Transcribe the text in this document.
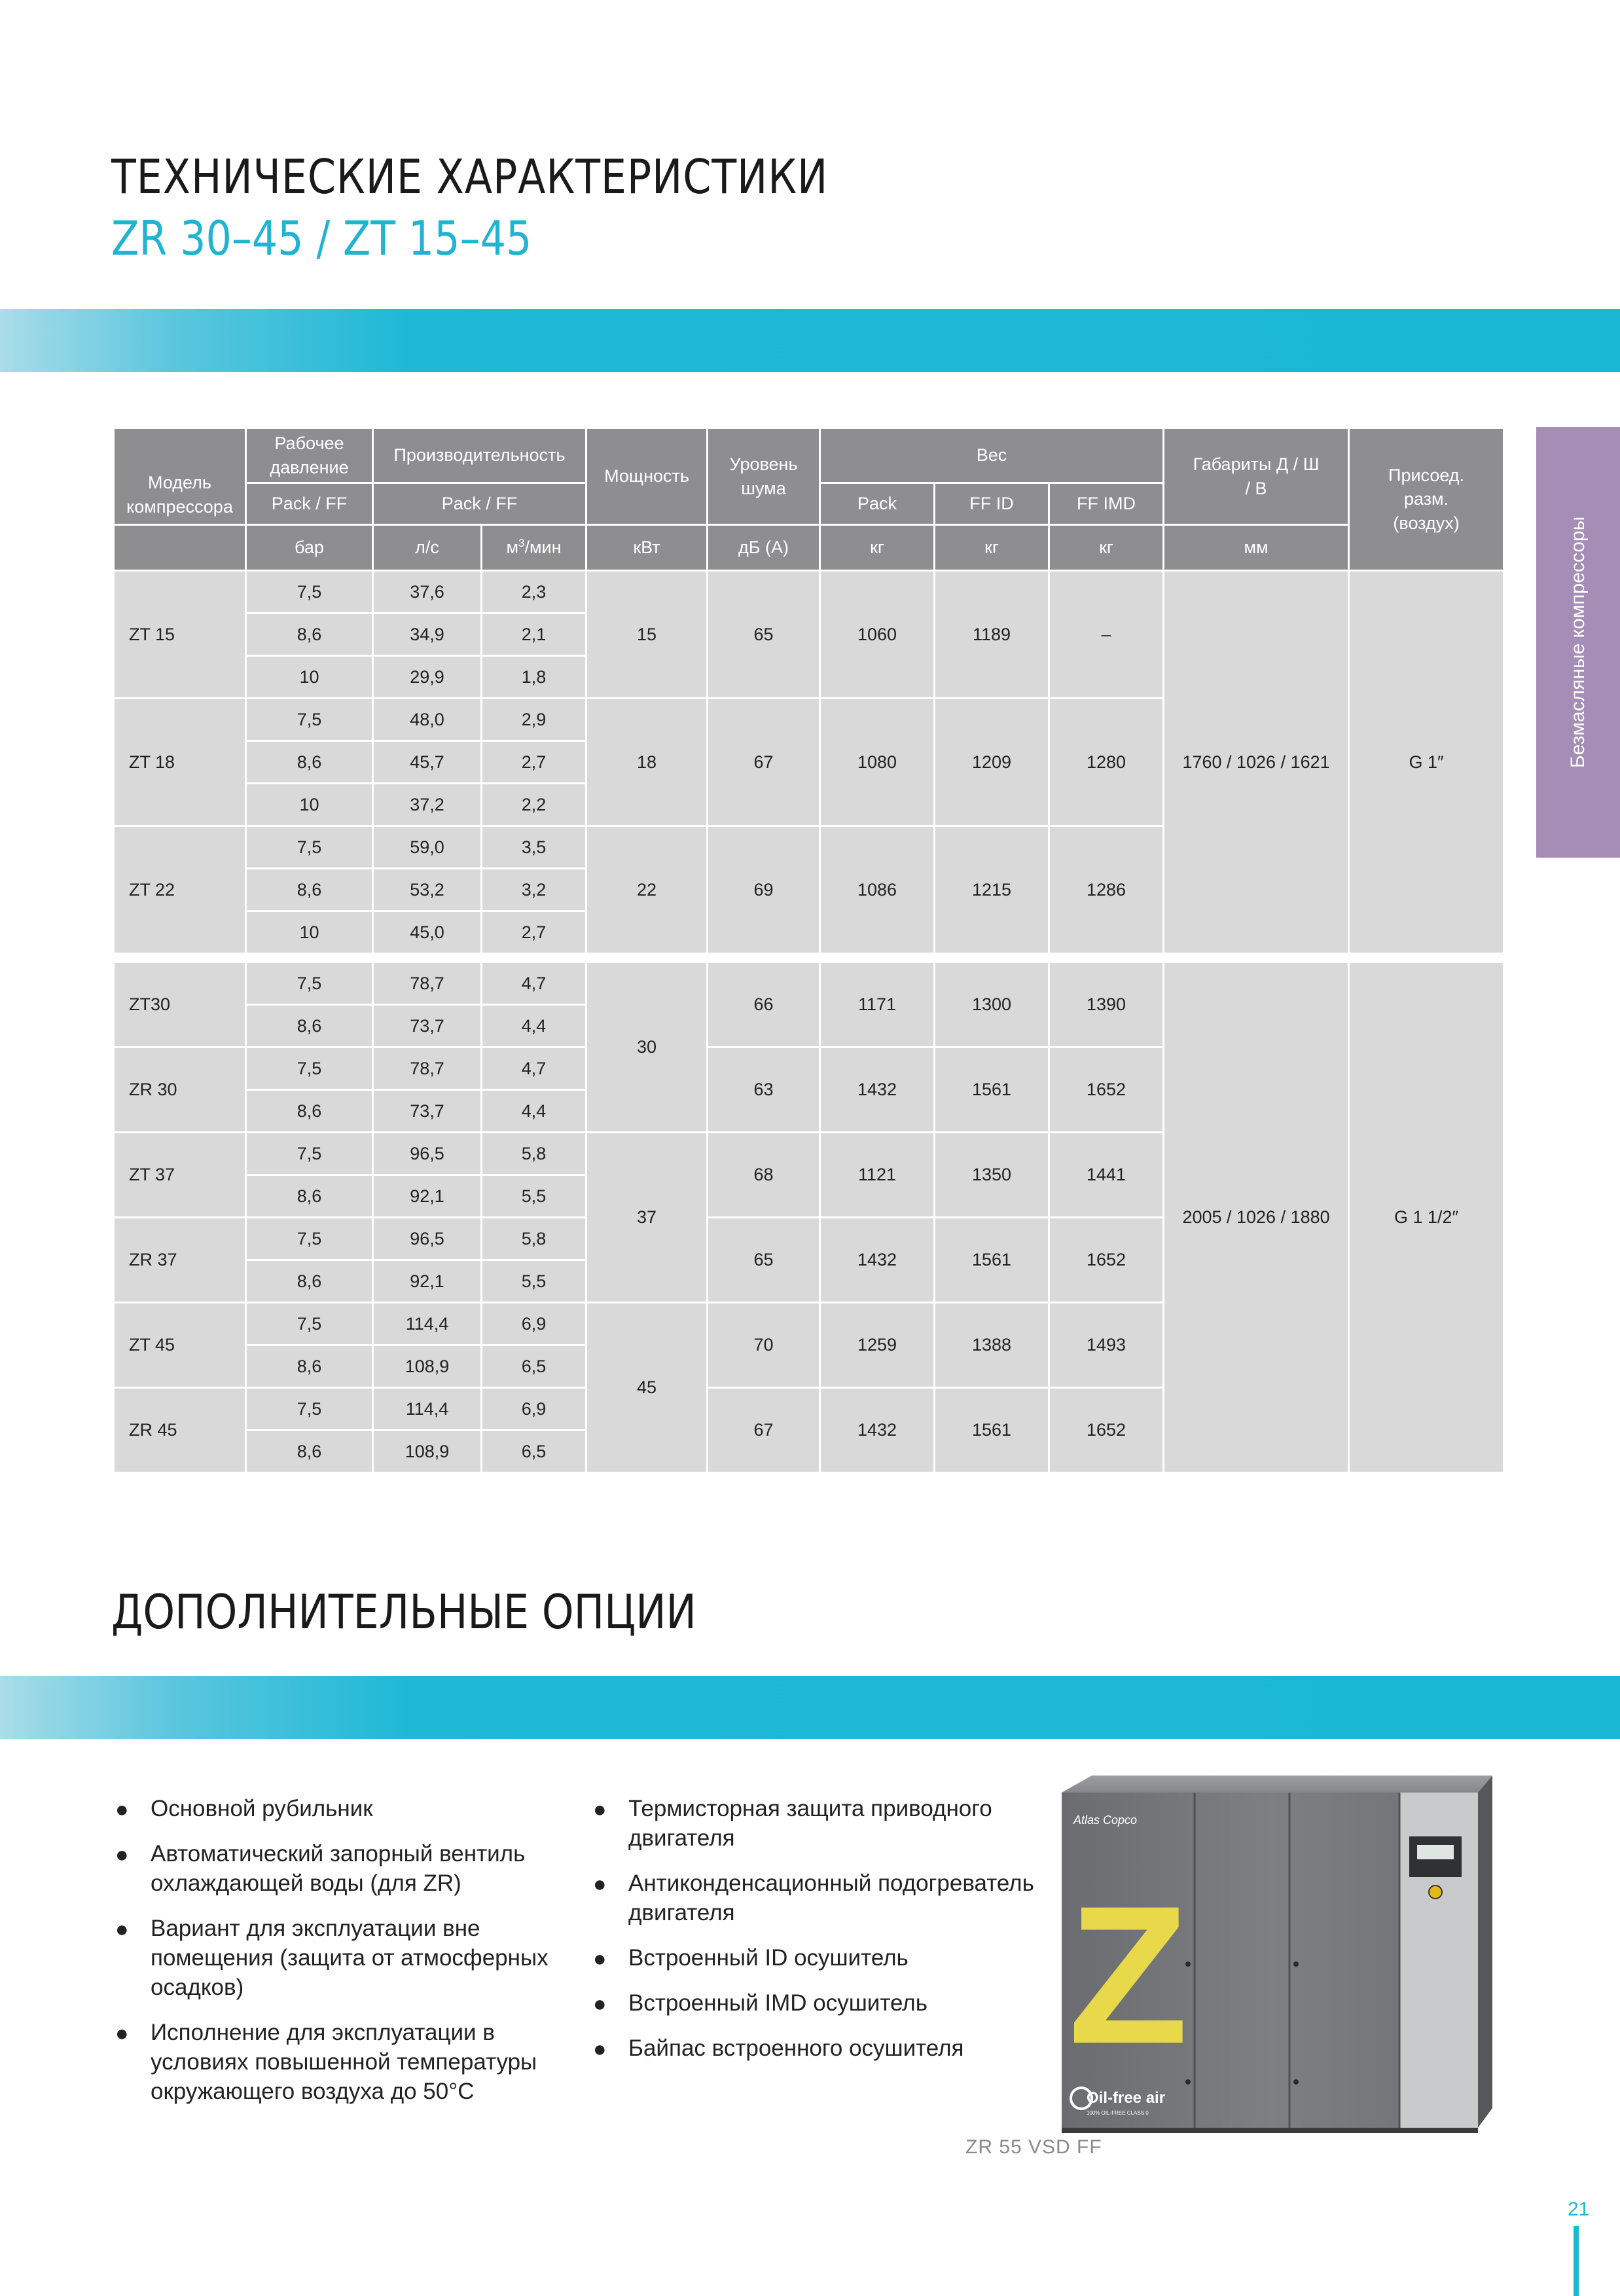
ТЕХНИЧЕСКИЕ ХАРАКТЕРИСТИКИ
ZR 30–45 / ZT 15–45
Безмасляные компрессоры
Модель компрессора	Рабочее давление	Производительность		Мощность	Уровень шума	Вес			Габариты Д / Ш / В	Присоед. разм. (воздух)
	Pack / FF	Pack / FF				Pack	FF ID	FF IMD		
	бар	л/с	$м^3$/мин	кВт	дБ (А)	кг	кг	кг	мм	
ZT 15	7,5	37,6	2,3	15	65	1060	1189	–	1760 / 1026 / 1621	G 1″
	8,6	34,9	2,1							
	10	29,9	1,8							
ZT 18	7,5	48,0	2,9	18	67	1080	1209	1280		
	8,6	45,7	2,7							
	10	37,2	2,2							
ZT 22	7,5	59,0	3,5	22	69	1086	1215	1286		
	8,6	53,2	3,2							
	10	45,0	2,7							

ZT30	7,5	78,7	4,7	30	66	1171	1300	1390	2005 / 1026 / 1880	G 1 1/2″
	8,6	73,7	4,4							
ZR 30	7,5	78,7	4,7		63	1432	1561	1652		
	8,6	73,7	4,4							
ZT 37	7,5	96,5	5,8	37	68	1121	1350	1441		
	8,6	92,1	5,5							
ZR 37	7,5	96,5	5,8		65	1432	1561	1652		
	8,6	92,1	5,5							
ZT 45	7,5	114,4	6,9	45	70	1259	1388	1493		
	8,6	108,9	6,5							
ZR 45	7,5	114,4	6,9		67	1432	1561	1652		
	8,6	108,9	6,5							
ДОПОЛНИТЕЛЬНЫЕ ОПЦИИ
● Основной рубильник
● Автоматический запорный вентиль охлаждающей воды (для ZR)
● Вариант для эксплуатации вне помещения (защита от атмосферных осадков)
● Исполнение для эксплуатации в условиях повышенной температуры окружающего воздуха до 50°C
● Термисторная защита приводного двигателя
● Антиконденсационный подогреватель двигателя
● Встроенный ID осушитель
● Встроенный IMD осушитель
● Байпас встроенного осушителя
Atlas Copco
Z
Oil-free air
100% OIL-FREE CLASS 0
ZR 55 VSD FF
21
